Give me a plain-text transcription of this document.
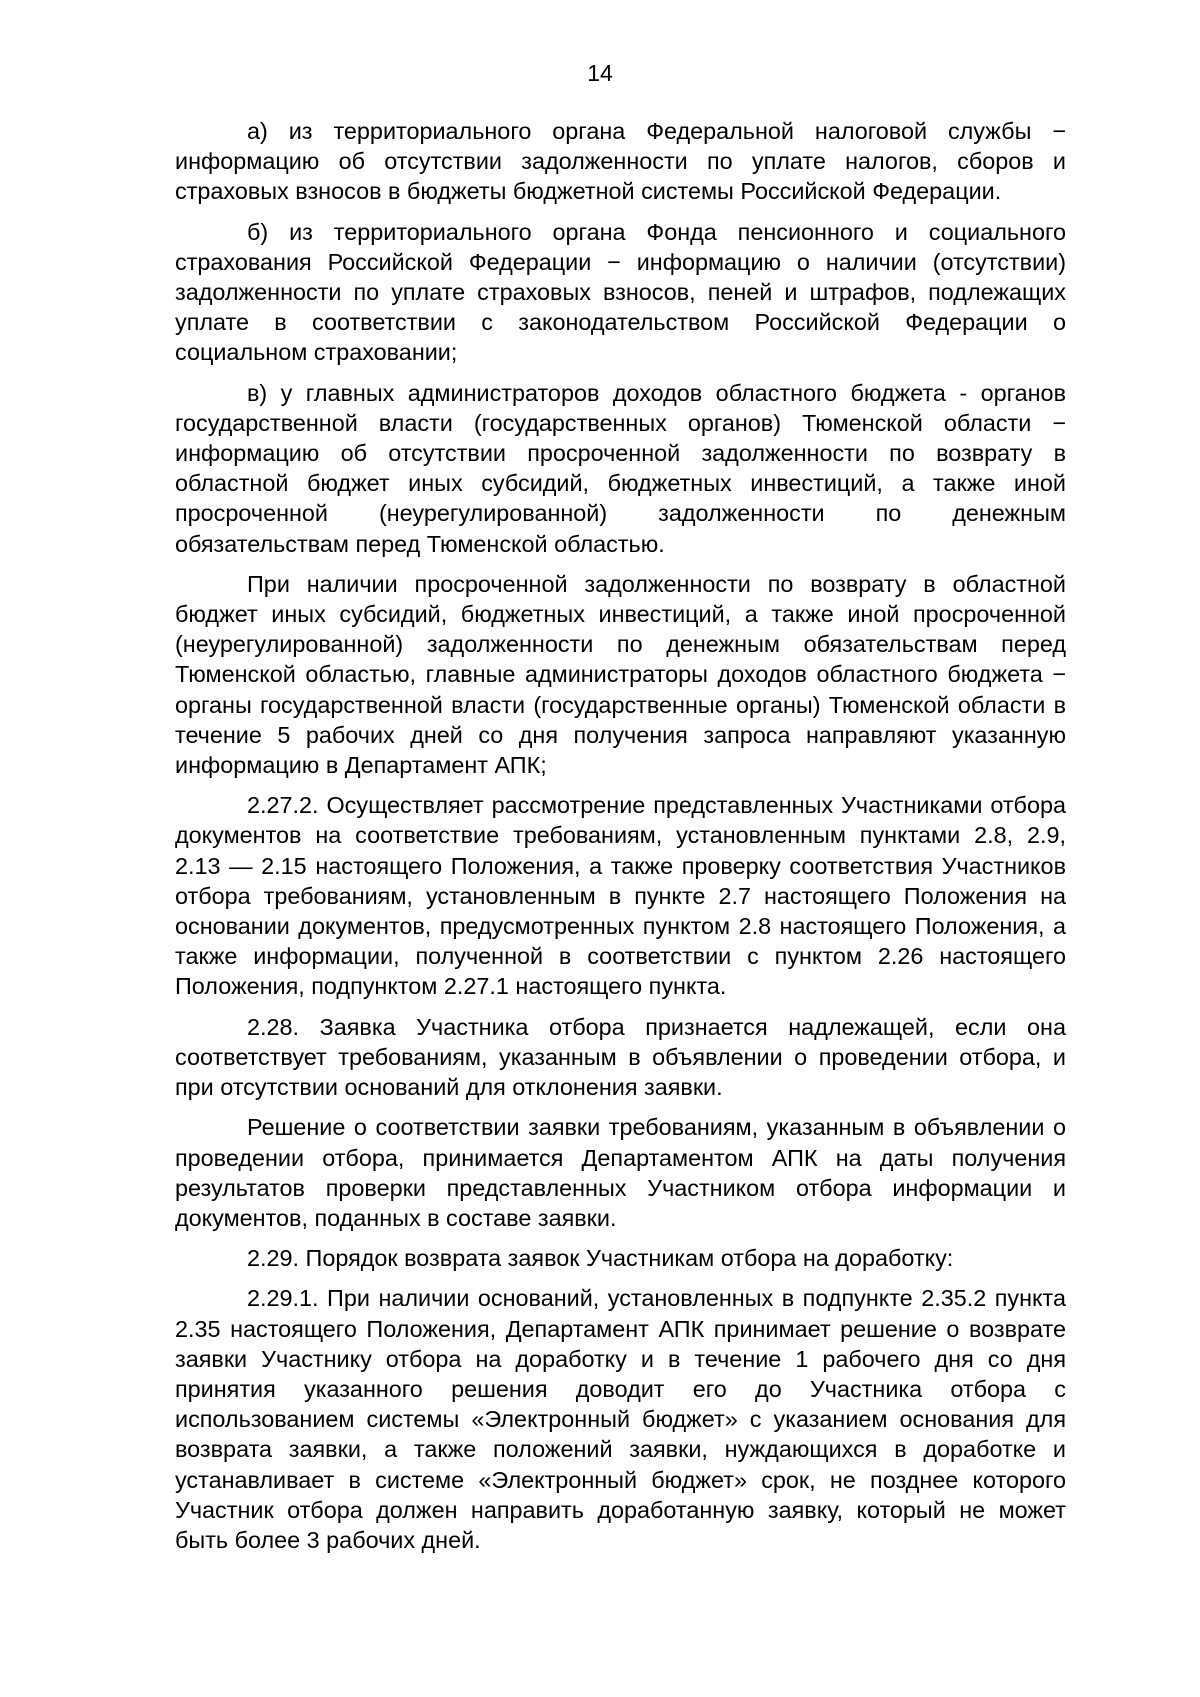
14

а) из территориального органа Федеральной налоговой службы − информацию об отсутствии задолженности по уплате налогов, сборов и страховых взносов в бюджеты бюджетной системы Российской Федерации.

б) из территориального органа Фонда пенсионного и социального страхования Российской Федерации − информацию о наличии (отсутствии) задолженности по уплате страховых взносов, пеней и штрафов, подлежащих уплате в соответствии с законодательством Российской Федерации о социальном страховании;

в) у главных администраторов доходов областного бюджета - органов государственной власти (государственных органов) Тюменской области − информацию об отсутствии просроченной задолженности по возврату в областной бюджет иных субсидий, бюджетных инвестиций, а также иной просроченной (неурегулированной) задолженности по денежным обязательствам перед Тюменской областью.

При наличии просроченной задолженности по возврату в областной бюджет иных субсидий, бюджетных инвестиций, а также иной просроченной (неурегулированной) задолженности по денежным обязательствам перед Тюменской областью, главные администраторы доходов областного бюджета − органы государственной власти (государственные органы) Тюменской области в течение 5 рабочих дней со дня получения запроса направляют указанную информацию в Департамент АПК;

2.27.2. Осуществляет рассмотрение представленных Участниками отбора документов на соответствие требованиям, установленным пунктами 2.8, 2.9, 2.13 — 2.15 настоящего Положения, а также проверку соответствия Участников отбора требованиям, установленным в пункте 2.7 настоящего Положения на основании документов, предусмотренных пунктом 2.8 настоящего Положения, а также информации, полученной в соответствии с пунктом 2.26 настоящего Положения, подпунктом 2.27.1 настоящего пункта.

2.28. Заявка Участника отбора признается надлежащей, если она соответствует требованиям, указанным в объявлении о проведении отбора, и при отсутствии оснований для отклонения заявки.

Решение о соответствии заявки требованиям, указанным в объявлении о проведении отбора, принимается Департаментом АПК на даты получения результатов проверки представленных Участником отбора информации и документов, поданных в составе заявки.

2.29. Порядок возврата заявок Участникам отбора на доработку:

2.29.1. При наличии оснований, установленных в подпункте 2.35.2 пункта 2.35 настоящего Положения, Департамент АПК принимает решение о возврате заявки Участнику отбора на доработку и в течение 1 рабочего дня со дня принятия указанного решения доводит его до Участника отбора с использованием системы «Электронный бюджет» с указанием основания для возврата заявки, а также положений заявки, нуждающихся в доработке и устанавливает в системе «Электронный бюджет» срок, не позднее которого Участник отбора должен направить доработанную заявку, который не может быть более 3 рабочих дней.
